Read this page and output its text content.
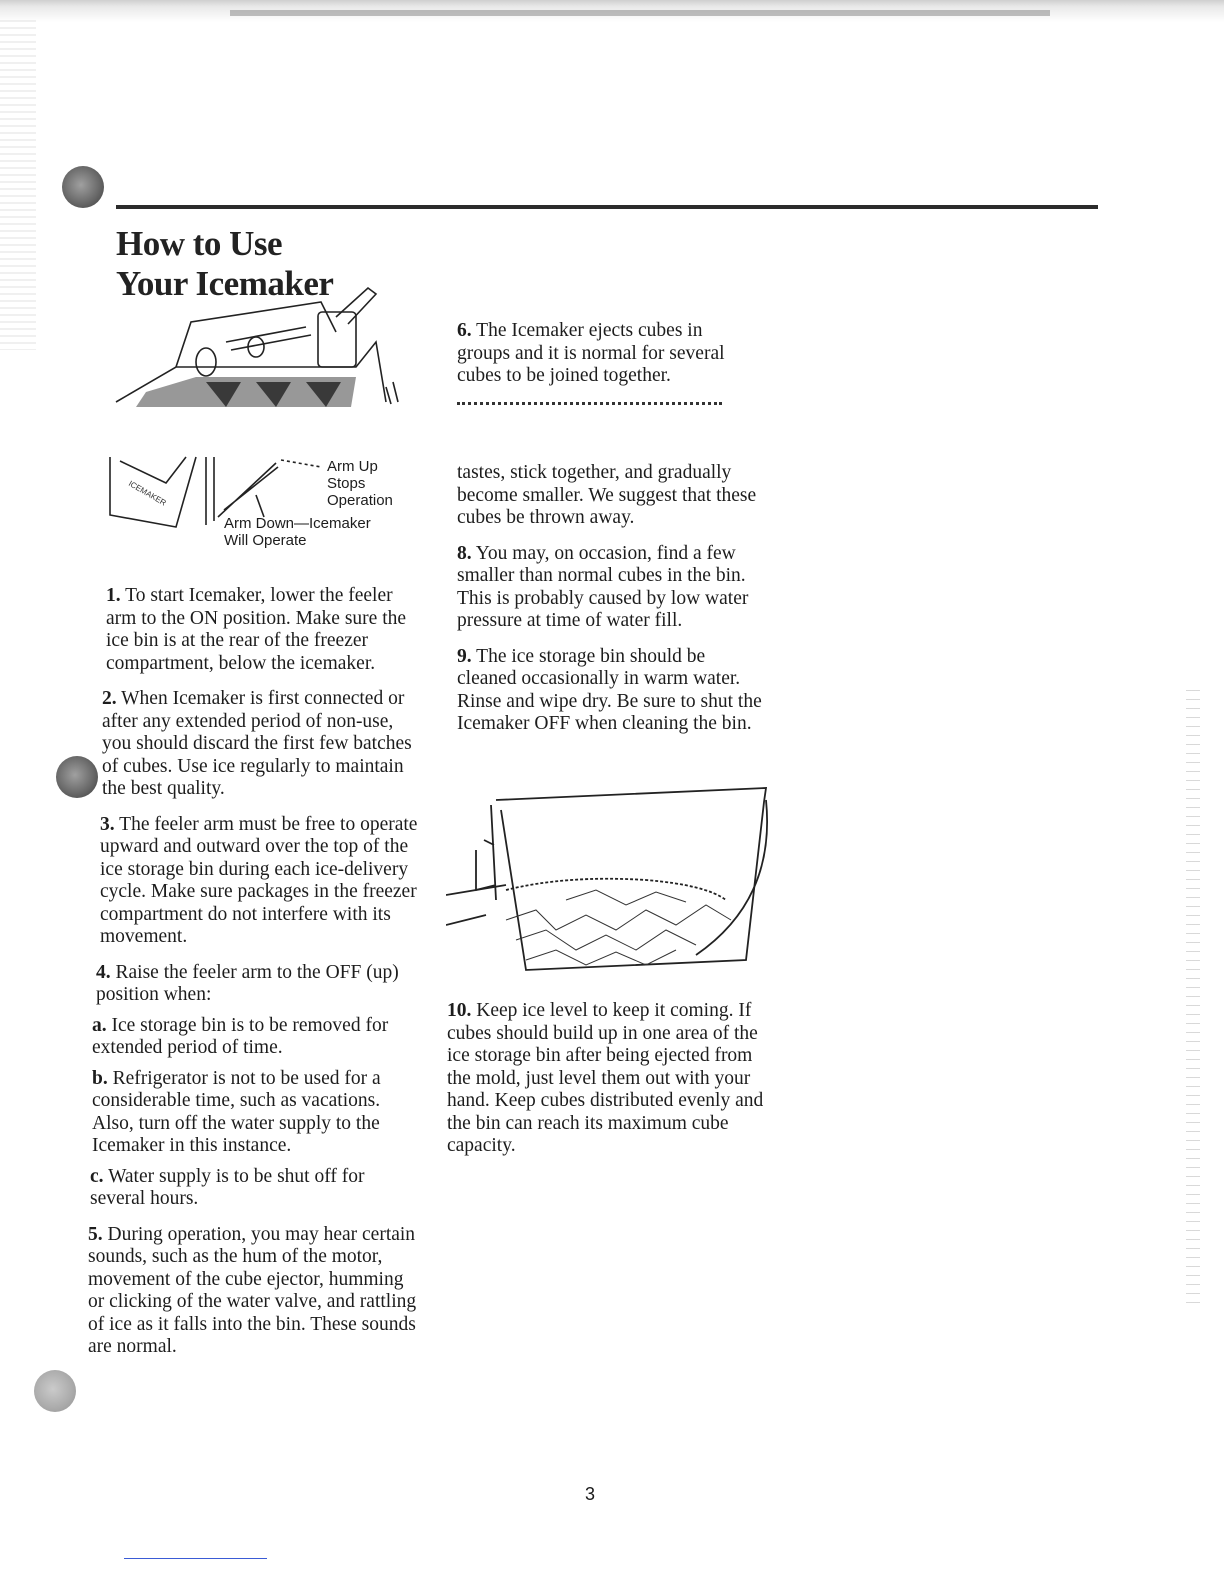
How to Use
Your Icemaker
ICEMAKER
Arm Up
Stops
Operation
Arm Down—Icemaker
Will Operate

1. To start Icemaker, lower the feeler arm to the ON position. Make sure the ice bin is at the rear of the freezer compartment, below the icemaker.

2. When Icemaker is first connected or after any extended period of non-use, you should discard the first few batches of cubes. Use ice regularly to maintain the best quality.

3. The feeler arm must be free to operate upward and outward over the top of the ice storage bin during each ice-delivery cycle. Make sure packages in the freezer compartment do not interfere with its movement.

4. Raise the feeler arm to the OFF (up) position when:

a. Ice storage bin is to be removed for extended period of time.

b. Refrigerator is not to be used for a considerable time, such as vacations. Also, turn off the water supply to the Icemaker in this instance.

c. Water supply is to be shut off for several hours.

5. During operation, you may hear certain sounds, such as the hum of the motor, movement of the cube ejector, humming or clicking of the water valve, and rattling of ice as it falls into the bin. These sounds are normal.

6. The Icemaker ejects cubes in groups and it is normal for several cubes to be joined together.

tastes, stick together, and gradually become smaller. We suggest that these cubes be thrown away.

8. You may, on occasion, find a few smaller than normal cubes in the bin. This is probably caused by low water pressure at time of water fill.

9. The ice storage bin should be cleaned occasionally in warm water. Rinse and wipe dry. Be sure to shut the Icemaker OFF when cleaning the bin.

10. Keep ice level to keep it coming. If cubes should build up in one area of the ice storage bin after being ejected from the mold, just level them out with your hand. Keep cubes distributed evenly and the bin can reach its maximum cube capacity.

3
